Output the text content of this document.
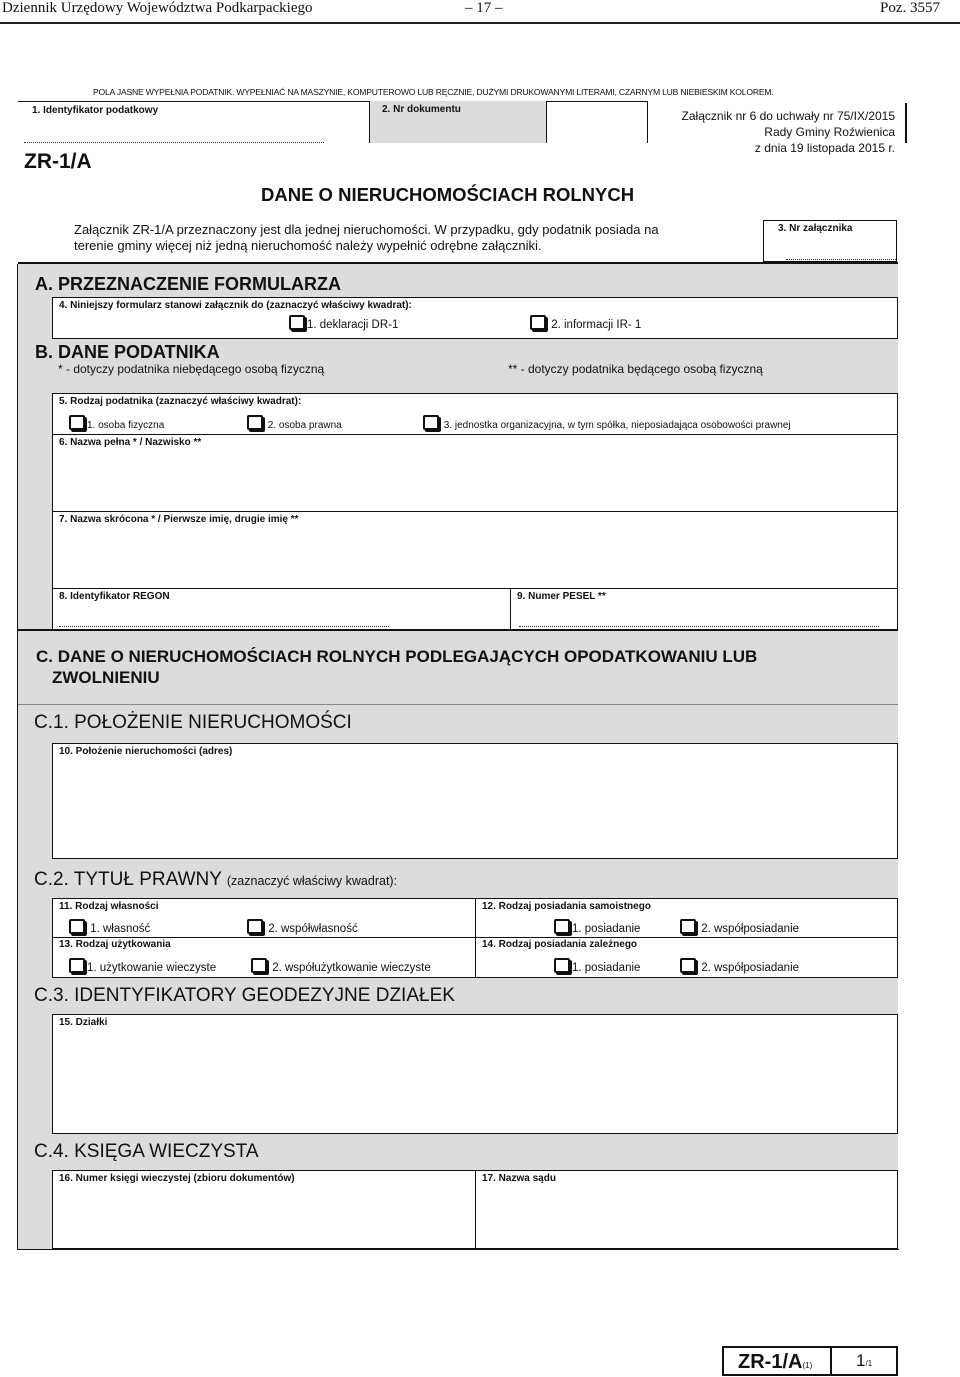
Dziennik Urzędowy Województwa Podkarpackiego	– 17 –	Poz. 3557
POLA JASNE WYPEŁNIA PODATNIK. WYPEŁNIAĆ NA MASZYNIE, KOMPUTEROWO LUB RĘCZNIE, DUŻYMI DRUKOWANYMI LITERAMI, CZARNYM LUB NIEBIESKIM KOLOREM.
1. Identyfikator podatkowy	2. Nr dokumentu	Załącznik nr 6 do uchwały nr 75/IX/2015
Rady Gminy Roźwienica
z dnia 19 listopada 2015 r.
ZR-1/A
DANE O NIERUCHOMOŚCIACH ROLNYCH
Załącznik ZR-1/A przeznaczony jest dla jednej nieruchomości. W przypadku, gdy podatnik posiada na
terenie gminy więcej niż jedną nieruchomość należy wypełnić odrębne załączniki.
3. Nr załącznika
A. PRZEZNACZENIE FORMULARZA
4. Niniejszy formularz stanowi załącznik do (zaznaczyć właściwy kwadrat):
1. deklaracji DR-1	2. informacji IR- 1
B. DANE PODATNIKA
* - dotyczy podatnika niebędącego osobą fizyczną	** - dotyczy podatnika będącego osobą fizyczną
5. Rodzaj podatnika (zaznaczyć właściwy kwadrat):
1. osoba fizyczna	2. osoba prawna	3. jednostka organizacyjna, w tym spółka, nieposiadająca osobowości prawnej
6. Nazwa pełna * / Nazwisko **
7. Nazwa skrócona * / Pierwsze imię, drugie imię **
8. Identyfikator REGON	9. Numer PESEL **
C. DANE O NIERUCHOMOŚCIACH ROLNYCH PODLEGAJĄCYCH OPODATKOWANIU LUB
ZWOLNIENIU
C.1. POŁOŻENIE NIERUCHOMOŚCI
10. Położenie nieruchomości (adres)
C.2. TYTUŁ PRAWNY (zaznaczyć właściwy kwadrat):
11. Rodzaj własności
1. własność	2. współwłasność
12. Rodzaj posiadania samoistnego
1. posiadanie	2. współposiadanie
13. Rodzaj użytkowania
1. użytkowanie wieczyste	2. współużytkowanie wieczyste
14. Rodzaj posiadania zależnego
1. posiadanie	2. współposiadanie
C.3. IDENTYFIKATORY GEODEZYJNE DZIAŁEK
15. Działki
C.4. KSIĘGA WIECZYSTA
16. Numer księgi wieczystej (zbioru dokumentów)	17. Nazwa sądu
ZR-1/A(1)	1/1
